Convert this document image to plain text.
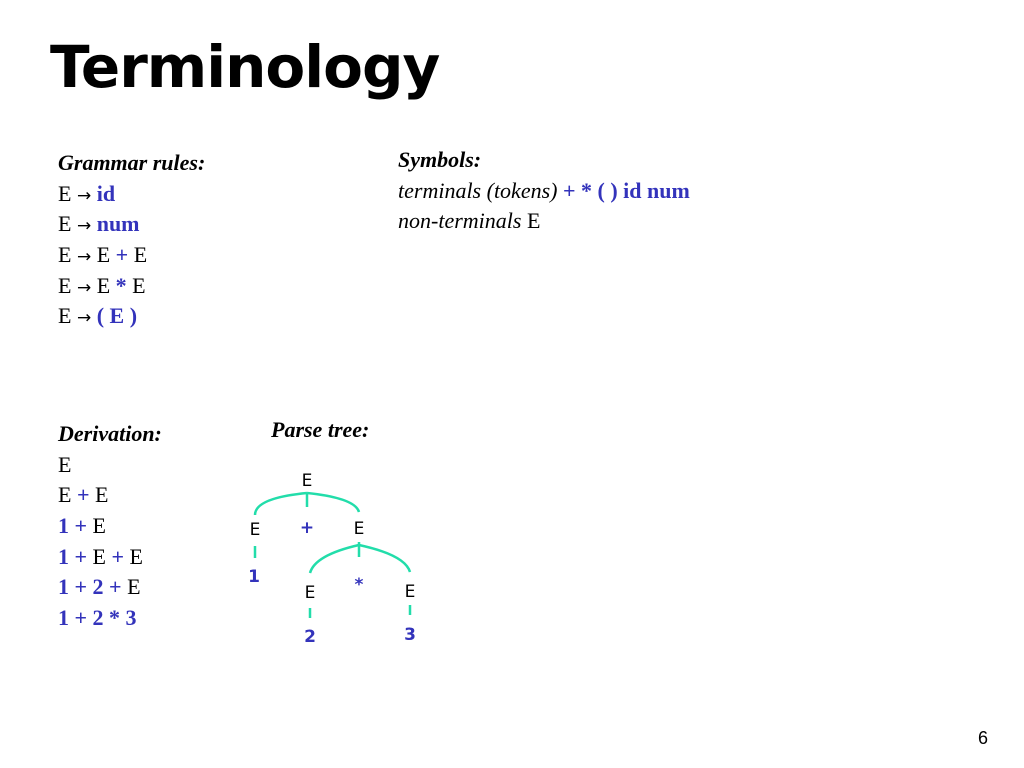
Terminology
Grammar rules:
E → id
E → num
E → E + E
E → E * E
E → ( E )
Symbols:
terminals (tokens) + * ( ) id num
non-terminals E
Derivation:
E
E + E
1 + E
1 + E + E
1 + 2 + E
1 + 2 * 3
Parse tree:
E
E + E
1
E * E
2	3
6
